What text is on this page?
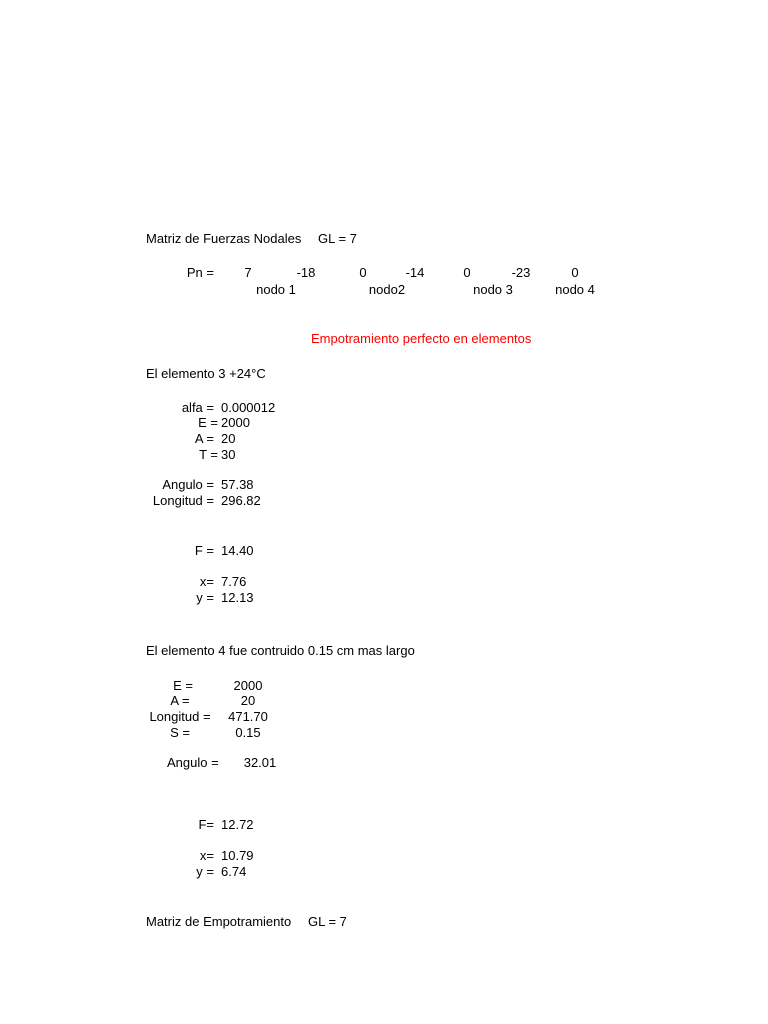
Matriz de Fuerzas Nodales GL = 7
Pn =	7	-18	0	-14	0	-23	0
nodo 1	nodo2	nodo 3	nodo 4
Empotramiento perfecto en elementos
El elemento 3 +24°C
alfa = 0.000012
E = 2000
A = 20
T = 30
Angulo = 57.38
Longitud = 296.82
F = 14.40
x= 7.76
y = 12.13
El elemento 4 fue contruido 0.15 cm mas largo
E =	2000
A =	20
Longitud =	471.70
S =	0.15
Angulo =	32.01
F= 12.72
x= 10.79
y = 6.74
Matriz de Empotramiento GL = 7
